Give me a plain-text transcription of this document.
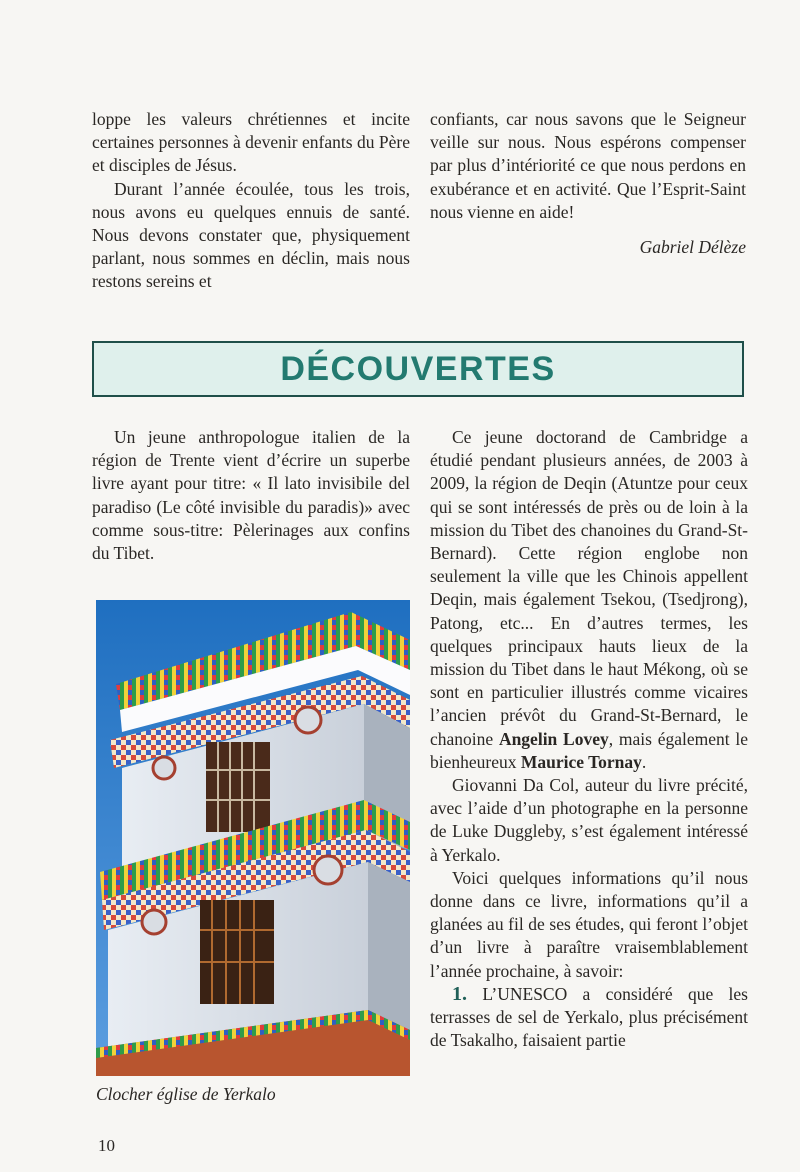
loppe les valeurs chrétiennes et incite certaines personnes à devenir enfants du Père et disciples de Jésus.

Durant l’année écoulée, tous les trois, nous avons eu quelques ennuis de santé. Nous devons constater que, physiquement parlant, nous sommes en déclin, mais nous restons sereins et

confiants, car nous savons que le Seigneur veille sur nous. Nous espérons compenser par plus d’intériorité ce que nous perdons en exubérance et en activité. Que l’Esprit-Saint nous vienne en aide!

Gabriel Délèze

DÉCOUVERTES

Un jeune anthropologue italien de la région de Trente vient d’écrire un superbe livre ayant pour titre: « Il lato invisibile del paradiso (Le côté invisible du paradis)» avec comme sous-titre: Pèlerinages aux confins du Tibet.

Clocher église de Yerkalo

Ce jeune doctorand de Cambridge a étudié pendant plusieurs années, de 2003 à 2009, la région de Deqin (Atuntze pour ceux qui se sont intéressés de près ou de loin à la mission du Tibet des chanoines du Grand-St-Bernard). Cette région englobe non seulement la ville que les Chinois appellent Deqin, mais également Tsekou, (Tsedjrong), Patong, etc... En d’autres termes, les quelques principaux hauts lieux de la mission du Tibet dans le haut Mékong, où se sont en particulier illustrés comme vicaires l’ancien prévôt du Grand-St-Bernard, le chanoine Angelin Lovey, mais également le bienheureux Maurice Tornay.

Giovanni Da Col, auteur du livre précité, avec l’aide d’un photographe en la personne de Luke Duggleby, s’est également intéressé à Yerkalo.

Voici quelques informations qu’il nous donne dans ce livre, informations qu’il a glanées au fil de ses études, qui feront l’objet d’un livre à paraître vraisemblablement l’année prochaine, à savoir:

1. L’UNESCO a considéré que les terrasses de sel de Yerkalo, plus précisément de Tsakalho, faisaient partie

10
